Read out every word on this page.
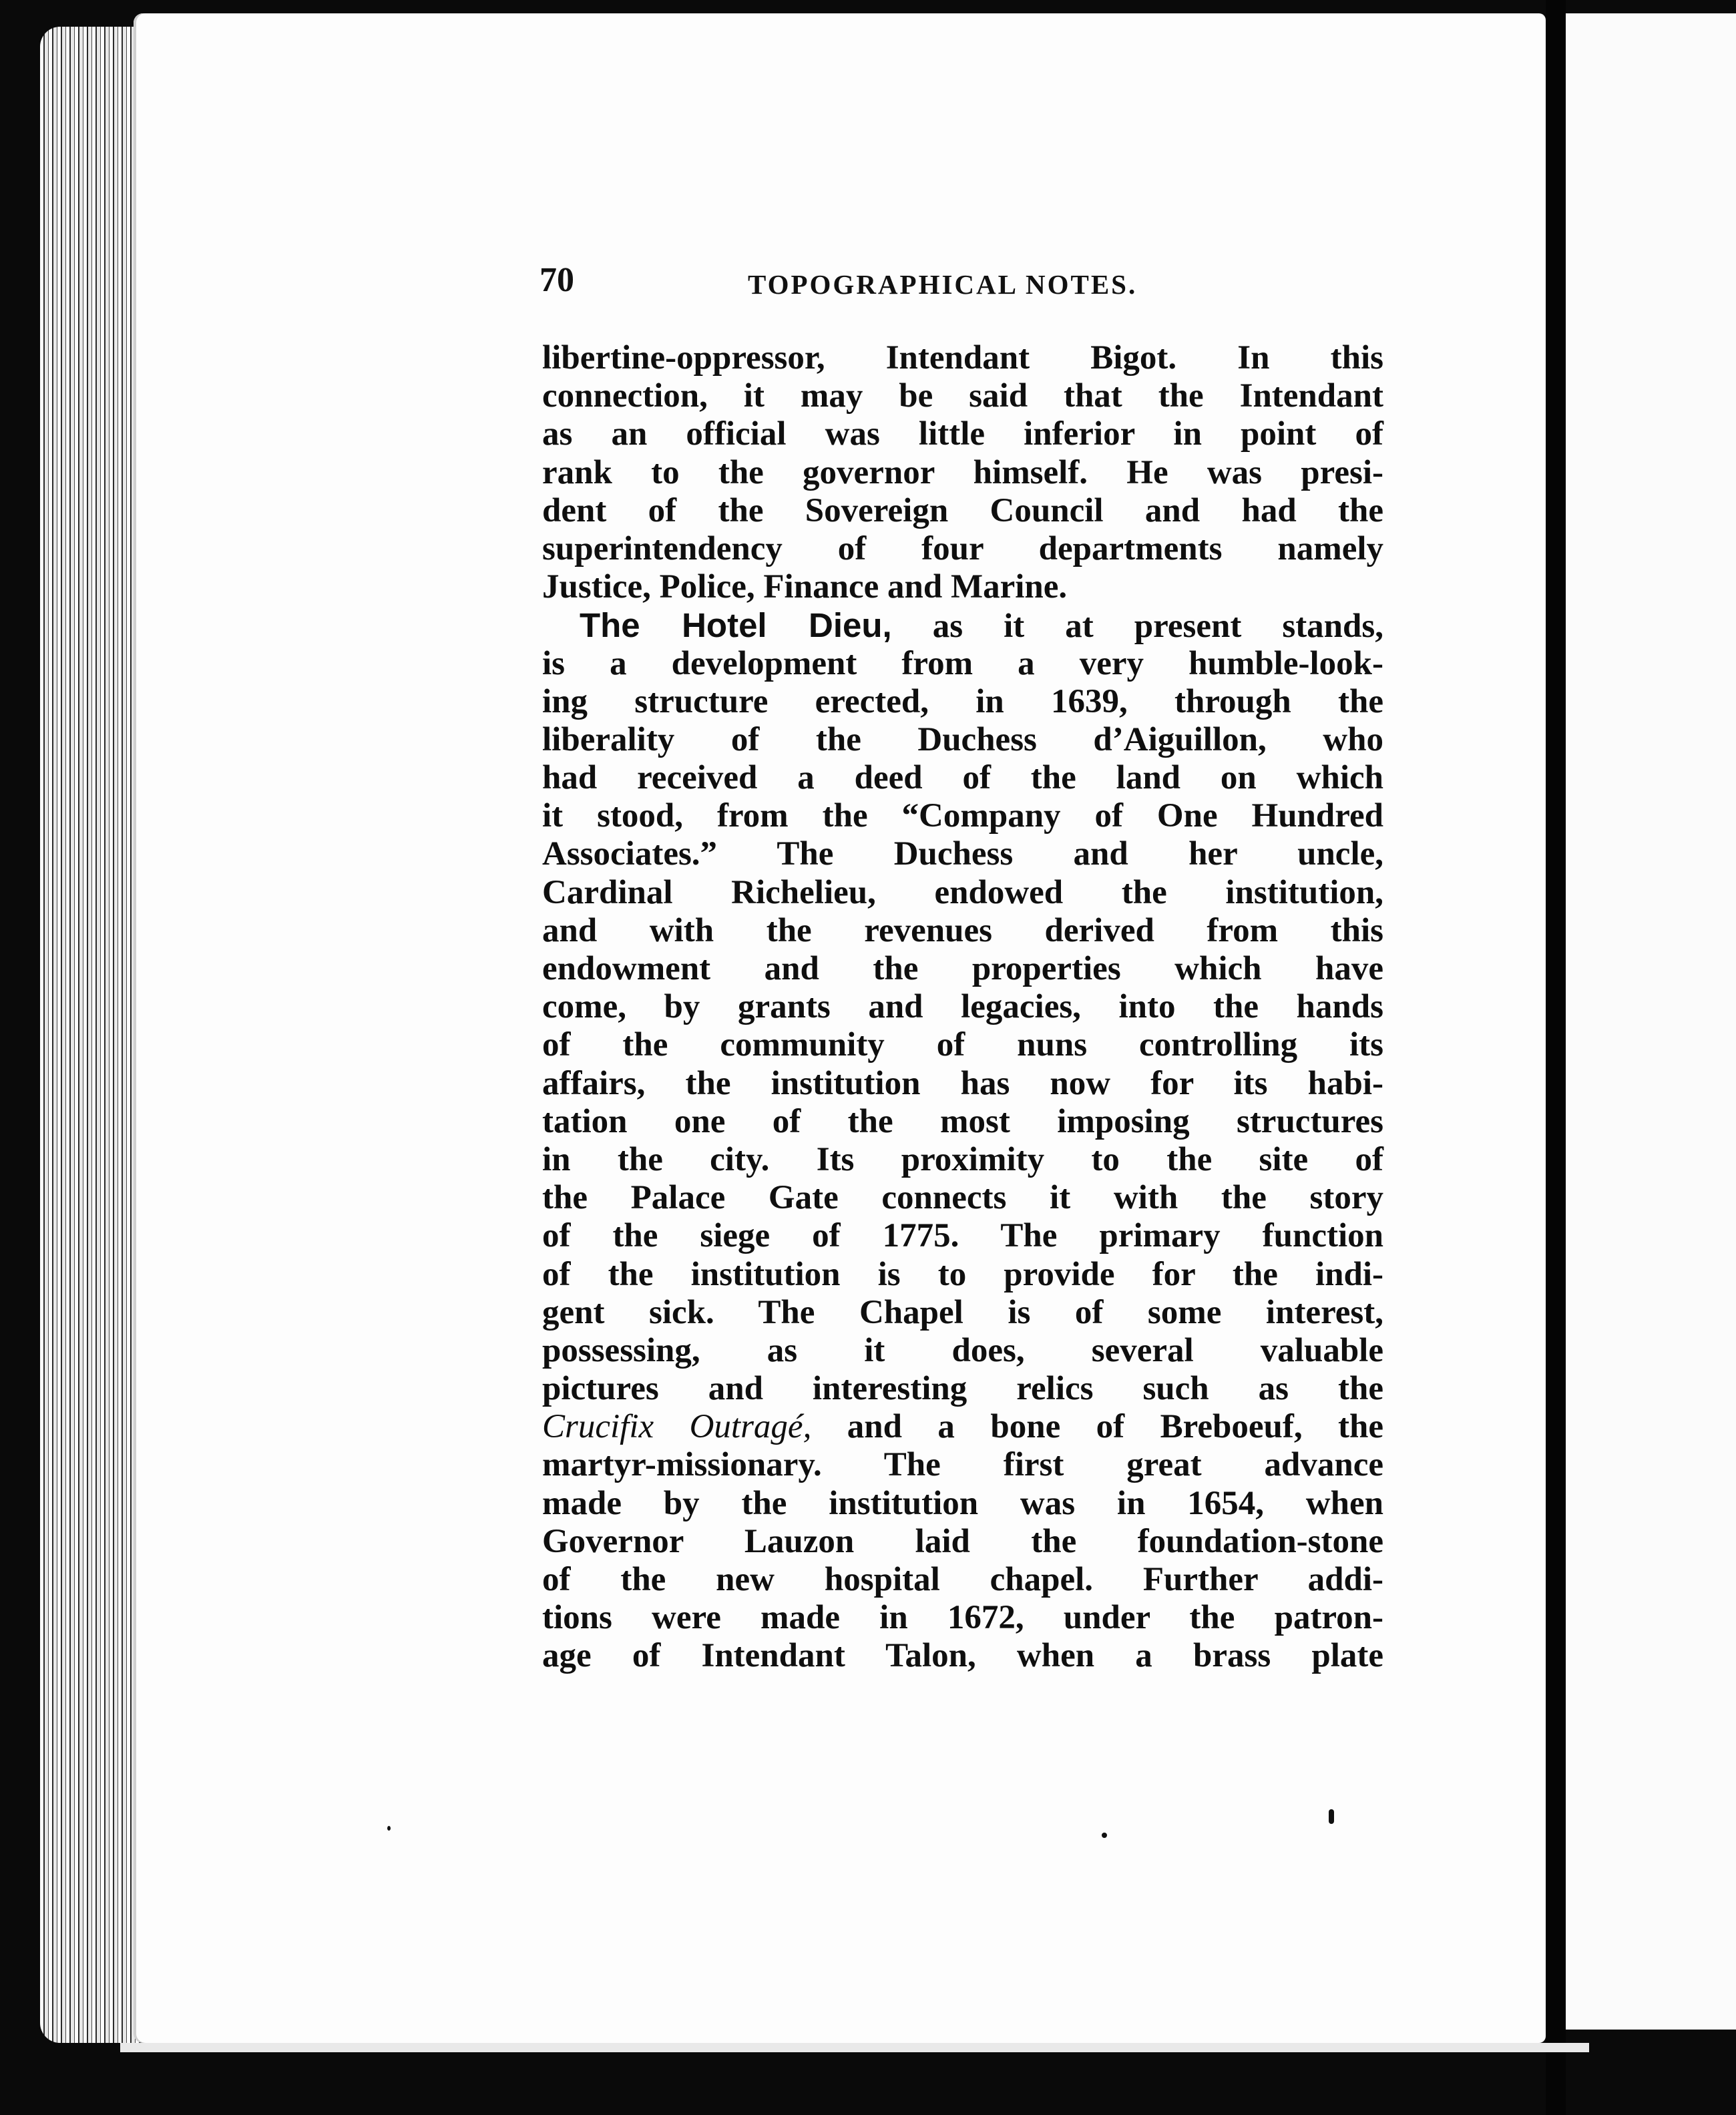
70	TOPOGRAPHICAL NOTES.
libertine-oppressor, Intendant Bigot. In this
connection, it may be said that the Intendant
as an official was little inferior in point of
rank to the governor himself. He was presi-
dent of the Sovereign Council and had the
superintendency of four departments namely
Justice, Police, Finance and Marine.
The Hotel Dieu, as it at present stands,
is a development from a very humble-look-
ing structure erected, in 1639, through the
liberality of the Duchess d’Aiguillon, who
had received a deed of the land on which
it stood, from the “Company of One Hundred
Associates.” The Duchess and her uncle,
Cardinal Richelieu, endowed the institution,
and with the revenues derived from this
endowment and the properties which have
come, by grants and legacies, into the hands
of the community of nuns controlling its
affairs, the institution has now for its habi-
tation one of the most imposing structures
in the city. Its proximity to the site of
the Palace Gate connects it with the story
of the siege of 1775. The primary function
of the institution is to provide for the indi-
gent sick. The Chapel is of some interest,
possessing, as it does, several valuable
pictures and interesting relics such as the
Crucifix Outragé, and a bone of Breboeuf, the
martyr-missionary. The first great advance
made by the institution was in 1654, when
Governor Lauzon laid the foundation-stone
of the new hospital chapel. Further addi-
tions were made in 1672, under the patron-
age of Intendant Talon, when a brass plate
